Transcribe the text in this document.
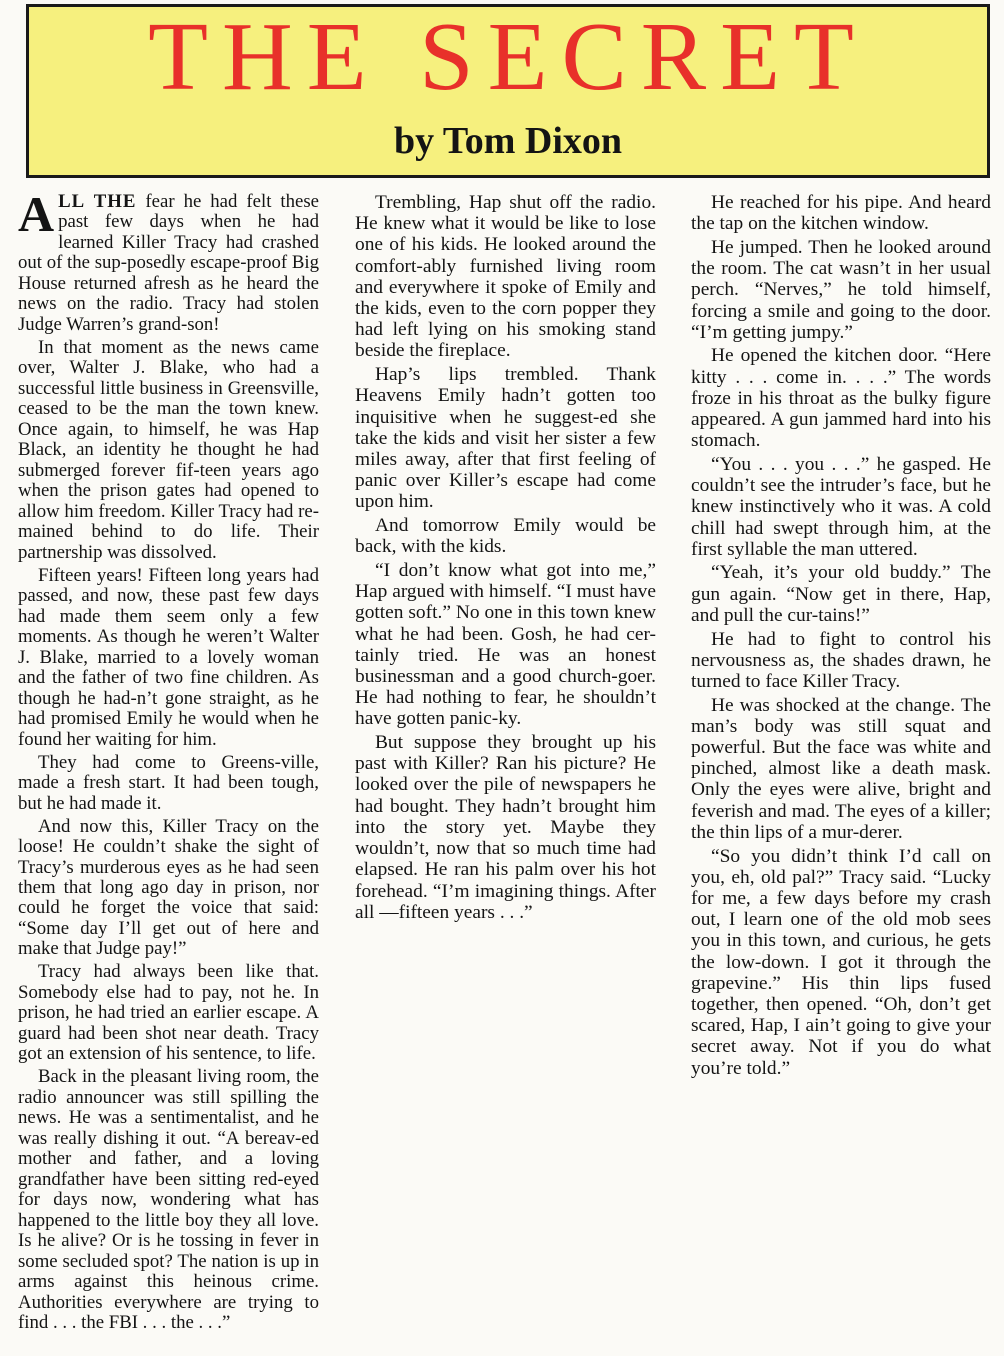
THE SECRET
by Tom Dixon

ALL THE fear he had felt these past few days when he had learned Killer Tracy had crashed out of the sup-posedly escape-proof Big House returned afresh as he heard the news on the radio. Tracy had stolen Judge Warren’s grand-son!

In that moment as the news came over, Walter J. Blake, who had a successful little business in Greensville, ceased to be the man the town knew. Once again, to himself, he was Hap Black, an identity he thought he had submerged forever fif-teen years ago when the prison gates had opened to allow him freedom. Killer Tracy had re-mained behind to do life. Their partnership was dissolved.

Fifteen years! Fifteen long years had passed, and now, these past few days had made them seem only a few moments. As though he weren’t Walter J. Blake, married to a lovely woman and the father of two fine children. As though he had-n’t gone straight, as he had promised Emily he would when he found her waiting for him.

They had come to Greens-ville, made a fresh start. It had been tough, but he had made it.

And now this, Killer Tracy on the loose! He couldn’t shake the sight of Tracy’s murderous eyes as he had seen them that long ago day in prison, nor could he forget the voice that said: “Some day I’ll get out of here and make that Judge pay!”

Tracy had always been like that. Somebody else had to pay, not he. In prison, he had tried an earlier escape. A guard had been shot near death. Tracy got an extension of his sentence, to life.

Back in the pleasant living room, the radio announcer was still spilling the news. He was a sentimentalist, and he was really dishing it out. “A bereav-ed mother and father, and a loving grandfather have been sitting red-eyed for days now, wondering what has happened to the little boy they all love. Is he alive? Or is he tossing in fever in some secluded spot? The nation is up in arms against this heinous crime. Authorities everywhere are trying to find . . . the FBI . . . the . . .”

Trembling, Hap shut off the radio. He knew what it would be like to lose one of his kids. He looked around the comfort-ably furnished living room and everywhere it spoke of Emily and the kids, even to the corn popper they had left lying on his smoking stand beside the fireplace.

Hap’s lips trembled. Thank Heavens Emily hadn’t gotten too inquisitive when he suggest-ed she take the kids and visit her sister a few miles away, after that first feeling of panic over Killer’s escape had come upon him.

And tomorrow Emily would be back, with the kids.

“I don’t know what got into me,” Hap argued with himself. “I must have gotten soft.” No one in this town knew what he had been. Gosh, he had cer-tainly tried. He was an honest businessman and a good church-goer. He had nothing to fear, he shouldn’t have gotten panic-ky.

But suppose they brought up his past with Killer? Ran his picture? He looked over the pile of newspapers he had bought. They hadn’t brought him into the story yet. Maybe they wouldn’t, now that so much time had elapsed. He ran his palm over his hot forehead. “I’m imagining things. After all —fifteen years . . .”

He reached for his pipe. And heard the tap on the kitchen window.

He jumped. Then he looked around the room. The cat wasn’t in her usual perch. “Nerves,” he told himself, forcing a smile and going to the door. “I’m getting jumpy.”

He opened the kitchen door. “Here kitty . . . come in. . . .” The words froze in his throat as the bulky figure appeared. A gun jammed hard into his stomach.

“You . . . you . . .” he gasped. He couldn’t see the intruder’s face, but he knew instinctively who it was. A cold chill had swept through him, at the first syllable the man uttered.

“Yeah, it’s your old buddy.” The gun again. “Now get in there, Hap, and pull the cur-tains!”

He had to fight to control his nervousness as, the shades drawn, he turned to face Killer Tracy.

He was shocked at the change. The man’s body was still squat and powerful. But the face was white and pinched, almost like a death mask. Only the eyes were alive, bright and feverish and mad. The eyes of a killer; the thin lips of a mur-derer.

“So you didn’t think I’d call on you, eh, old pal?” Tracy said. “Lucky for me, a few days before my crash out, I learn one of the old mob sees you in this town, and curious, he gets the low-down. I got it through the grapevine.” His thin lips fused together, then opened. “Oh, don’t get scared, Hap, I ain’t going to give your secret away. Not if you do what you’re told.”
